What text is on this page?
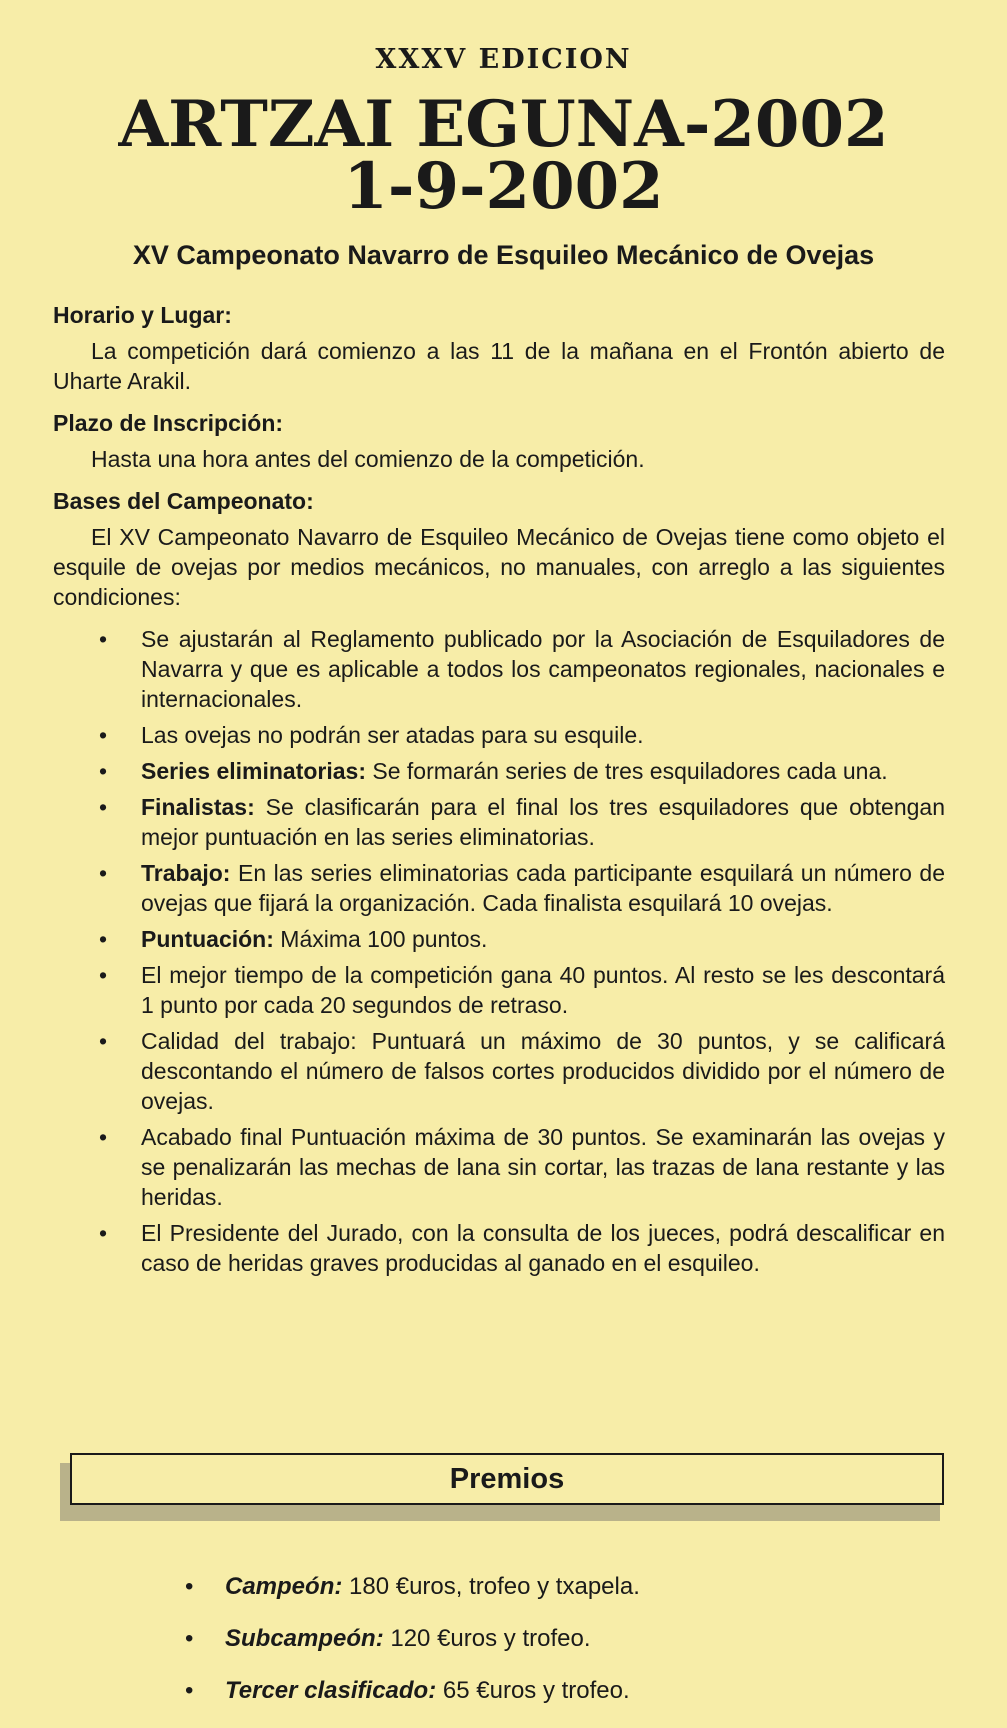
XXXV EDICION
ARTZAI EGUNA-2002
1-9-2002
XV Campeonato Navarro de Esquileo Mecánico de Ovejas
Horario y Lugar:
La competición dará comienzo a las 11 de la mañana en el Frontón abierto de Uharte Arakil.
Plazo de Inscripción:
Hasta una hora antes del comienzo de la competición.
Bases del Campeonato:
El XV Campeonato Navarro de Esquileo Mecánico de Ovejas tiene como objeto el esquile de ovejas por medios mecánicos, no manuales, con arreglo a las siguientes condiciones:
• Se ajustarán al Reglamento publicado por la Asociación de Esquiladores de Navarra y que es aplicable a todos los campeonatos regionales, nacionales e internacionales.
• Las ovejas no podrán ser atadas para su esquile.
• Series eliminatorias: Se formarán series de tres esquiladores cada una.
• Finalistas: Se clasificarán para el final los tres esquiladores que obtengan mejor puntuación en las series eliminatorias.
• Trabajo: En las series eliminatorias cada participante esquilará un número de ovejas que fijará la organización. Cada finalista esquilará 10 ovejas.
• Puntuación: Máxima 100 puntos.
• El mejor tiempo de la competición gana 40 puntos. Al resto se les descontará 1 punto por cada 20 segundos de retraso.
• Calidad del trabajo: Puntuará un máximo de 30 puntos, y se calificará descontando el número de falsos cortes producidos dividido por el número de ovejas.
• Acabado final Puntuación máxima de 30 puntos. Se examinarán las ovejas y se penalizarán las mechas de lana sin cortar, las trazas de lana restante y las heridas.
• El Presidente del Jurado, con la consulta de los jueces, podrá descalificar en caso de heridas graves producidas al ganado en el esquileo.
Premios
• Campeón: 180 €uros, trofeo y txapela.
• Subcampeón: 120 €uros y trofeo.
• Tercer clasificado: 65 €uros y trofeo.
